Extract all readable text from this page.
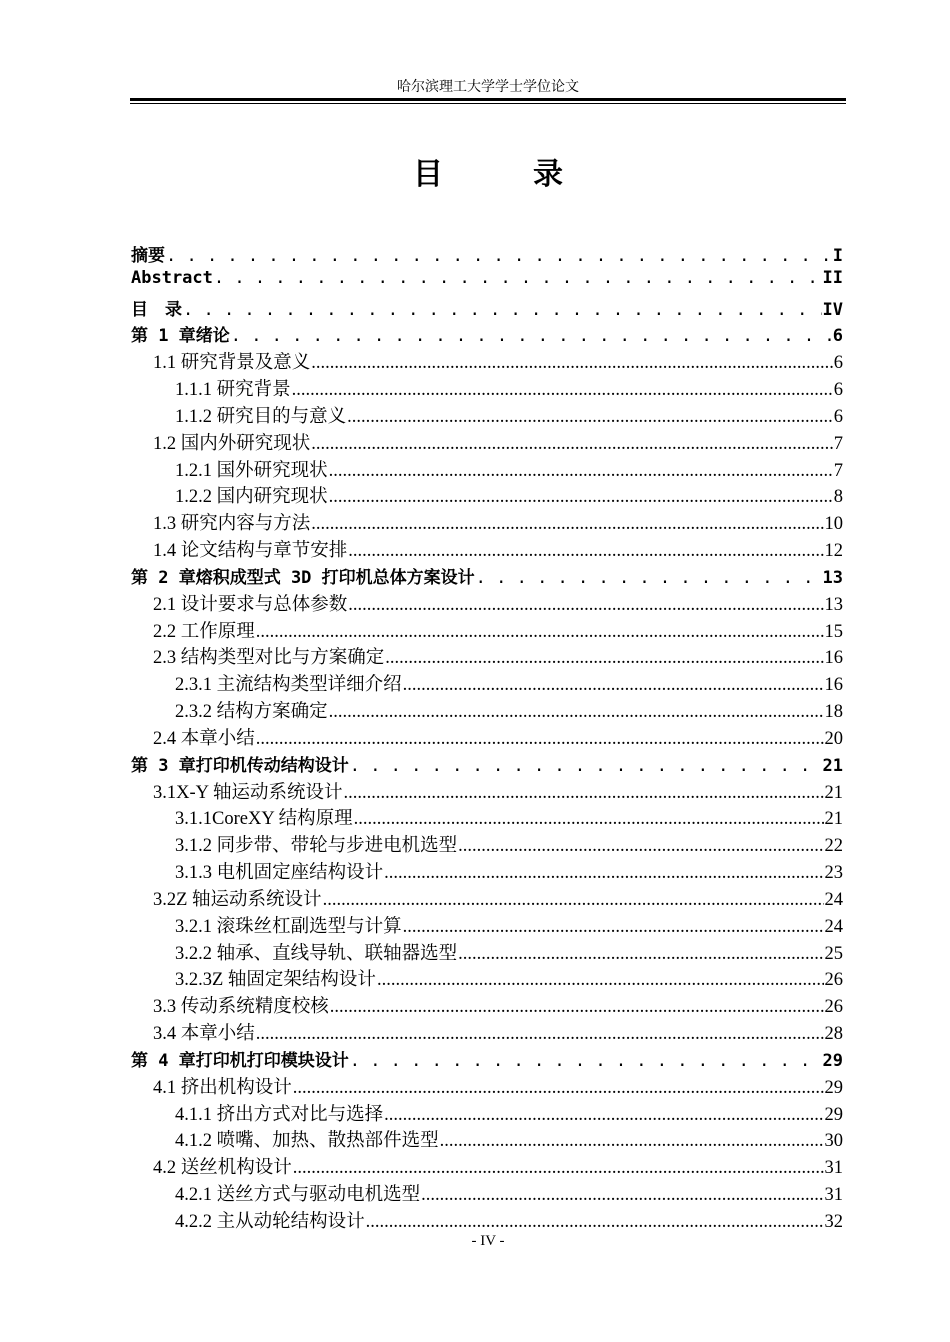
哈尔滨理工大学学士学位论文
目　录
摘要 . . .	I
Abstract . . .	II
目　录 . . .	IV
第 1 章绪论 . . .	6
1.1 研究背景及意义 .....	6
1.1.1 研究背景 .....	6
1.1.2 研究目的与意义 .....	6
1.2 国内外研究现状 .....	7
1.2.1 国外研究现状 .....	7
1.2.2 国内研究现状 .....	8
1.3 研究内容与方法 .....	10
1.4 论文结构与章节安排 .....	12
第 2 章熔积成型式 3D 打印机总体方案设计 . . .	13
2.1 设计要求与总体参数 .....	13
2.2 工作原理 .....	15
2.3 结构类型对比与方案确定 .....	16
2.3.1 主流结构类型详细介绍 .....	16
2.3.2 结构方案确定 .....	18
2.4 本章小结 .....	20
第 3 章打印机传动结构设计 . . .	21
3.1X-Y 轴运动系统设计 .....	21
3.1.1CoreXY 结构原理 .....	21
3.1.2 同步带、带轮与步进电机选型 .....	22
3.1.3 电机固定座结构设计 .....	23
3.2Z 轴运动系统设计 .....	24
3.2.1 滚珠丝杠副选型与计算 .....	24
3.2.2 轴承、直线导轨、联轴器选型 .....	25
3.2.3Z 轴固定架结构设计 .....	26
3.3 传动系统精度校核 .....	26
3.4 本章小结 .....	28
第 4 章打印机打印模块设计 . . .	29
4.1 挤出机构设计 .....	29
4.1.1 挤出方式对比与选择 .....	29
4.1.2 喷嘴、加热、散热部件选型 .....	30
4.2 送丝机构设计 .....	31
4.2.1 送丝方式与驱动电机选型 .....	31
4.2.2 主从动轮结构设计 .....	32
- IV -
